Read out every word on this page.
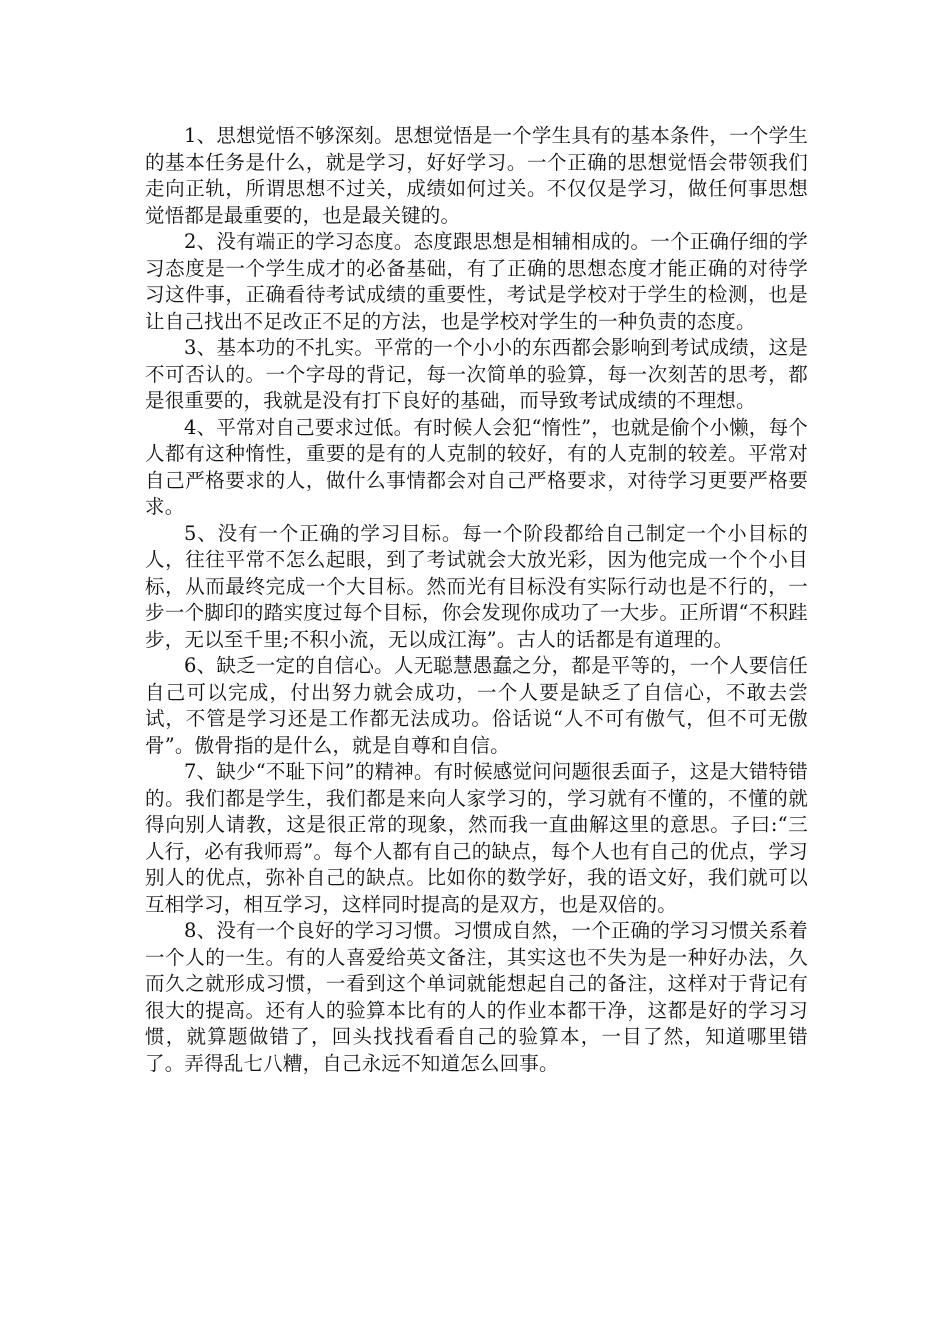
1、思想觉悟不够深刻。思想觉悟是一个学生具有的基本条件，一个学生的基本任务是什么，就是学习，好好学习。一个正确的思想觉悟会带领我们走向正轨，所谓思想不过关，成绩如何过关。不仅仅是学习，做任何事思想觉悟都是最重要的，也是最关键的。

2、没有端正的学习态度。态度跟思想是相辅相成的。一个正确仔细的学习态度是一个学生成才的必备基础，有了正确的思想态度才能正确的对待学习这件事，正确看待考试成绩的重要性，考试是学校对于学生的检测，也是让自己找出不足改正不足的方法，也是学校对学生的一种负责的态度。

3、基本功的不扎实。平常的一个小小的东西都会影响到考试成绩，这是不可否认的。一个字母的背记，每一次简单的验算，每一次刻苦的思考，都是很重要的，我就是没有打下良好的基础，而导致考试成绩的不理想。

4、平常对自己要求过低。有时候人会犯“惰性”，也就是偷个小懒，每个人都有这种惰性，重要的是有的人克制的较好，有的人克制的较差。平常对自己严格要求的人，做什么事情都会对自己严格要求，对待学习更要严格要求。

5、没有一个正确的学习目标。每一个阶段都给自己制定一个小目标的人，往往平常不怎么起眼，到了考试就会大放光彩，因为他完成一个个小目标，从而最终完成一个大目标。然而光有目标没有实际行动也是不行的，一步一个脚印的踏实度过每个目标，你会发现你成功了一大步。正所谓“不积跬步，无以至千里;不积小流，无以成江海”。古人的话都是有道理的。

6、缺乏一定的自信心。人无聪慧愚蠢之分，都是平等的，一个人要信任自己可以完成，付出努力就会成功，一个人要是缺乏了自信心，不敢去尝试，不管是学习还是工作都无法成功。俗话说“人不可有傲气，但不可无傲骨”。傲骨指的是什么，就是自尊和自信。

7、缺少“不耻下问”的精神。有时候感觉问问题很丢面子，这是大错特错的。我们都是学生，我们都是来向人家学习的，学习就有不懂的，不懂的就得向别人请教，这是很正常的现象，然而我一直曲解这里的意思。子曰:“三人行，必有我师焉”。每个人都有自己的缺点，每个人也有自己的优点，学习别人的优点，弥补自己的缺点。比如你的数学好，我的语文好，我们就可以互相学习，相互学习，这样同时提高的是双方，也是双倍的。

8、没有一个良好的学习习惯。习惯成自然，一个正确的学习习惯关系着一个人的一生。有的人喜爱给英文备注，其实这也不失为是一种好办法，久而久之就形成习惯，一看到这个单词就能想起自己的备注，这样对于背记有很大的提高。还有人的验算本比有的人的作业本都干净，这都是好的学习习惯，就算题做错了，回头找找看看自己的验算本，一目了然，知道哪里错了。弄得乱七八糟，自己永远不知道怎么回事。
